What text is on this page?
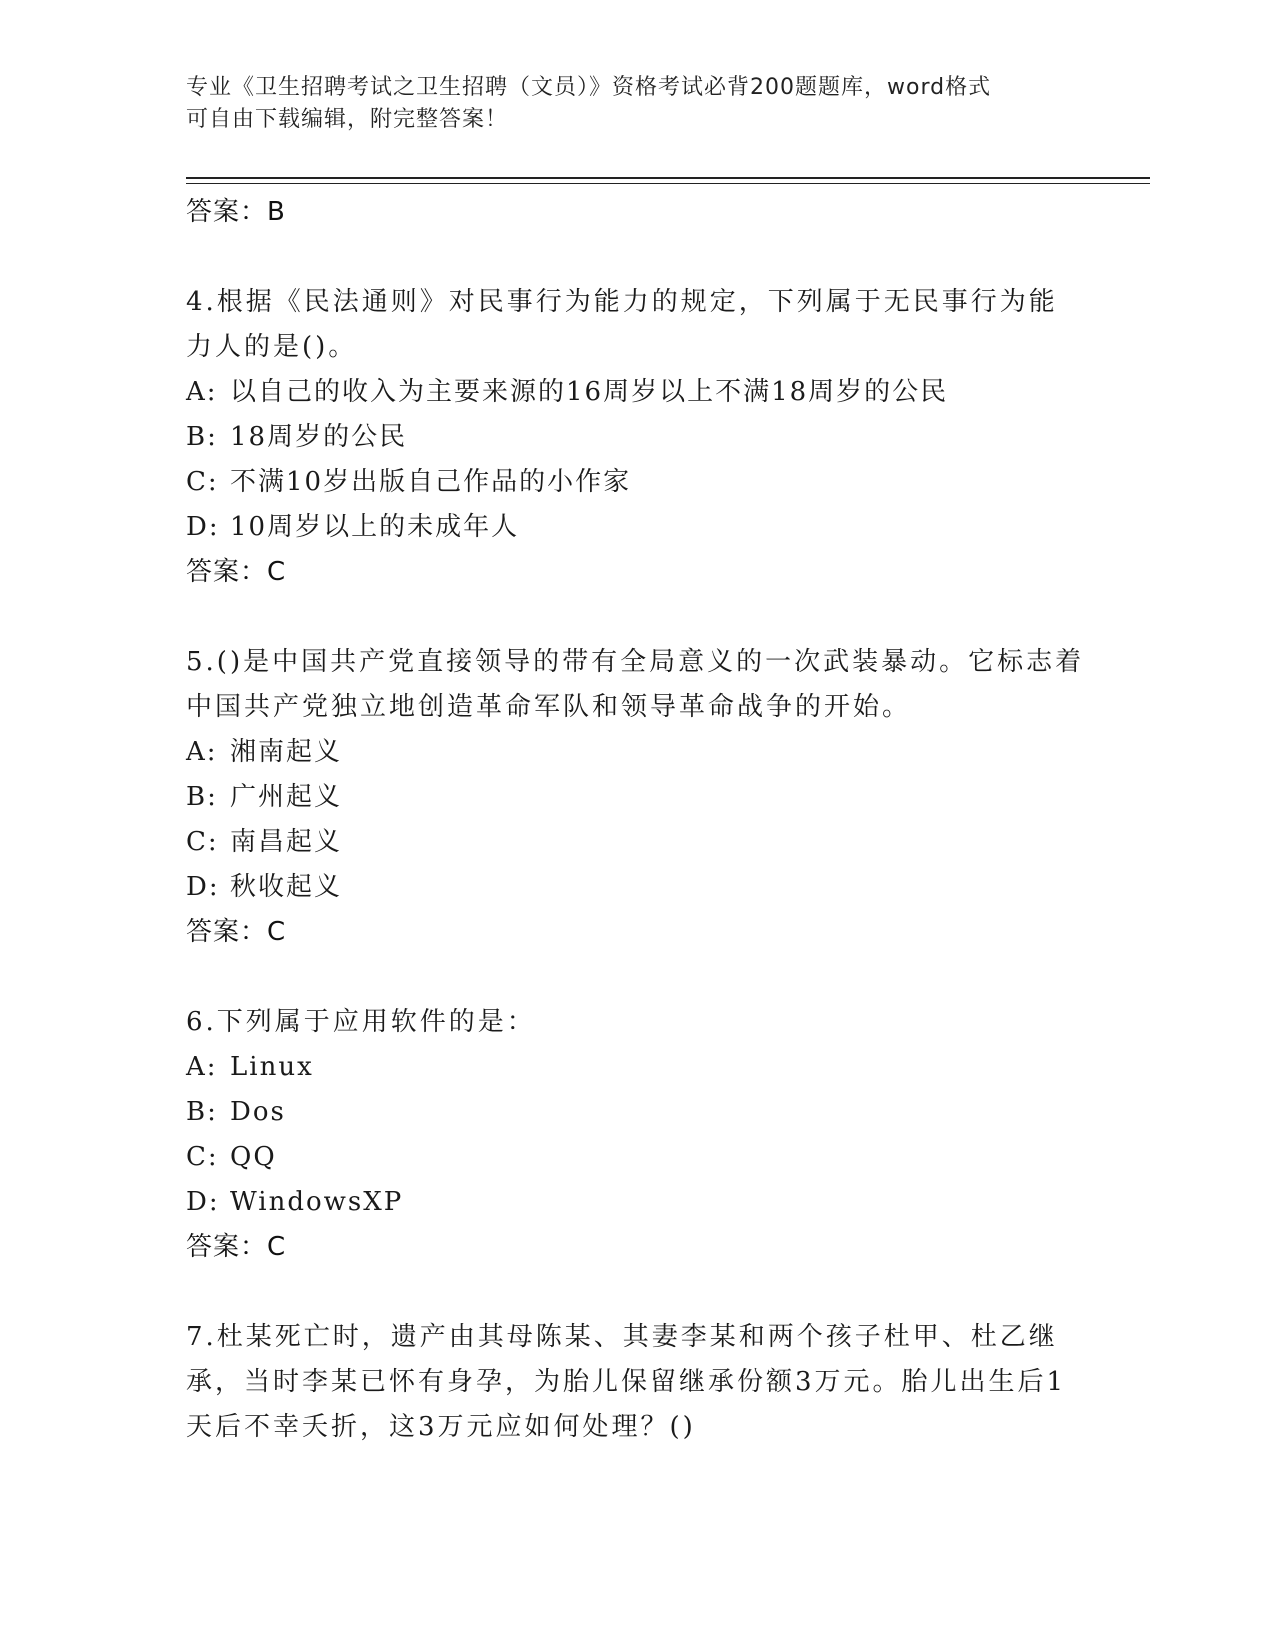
专业《卫生招聘考试之卫生招聘（文员）》资格考试必背200题题库，word格式
可自由下载编辑，附完整答案！
答案：B
4.根据《民法通则》对民事行为能力的规定，下列属于无民事行为能力人的是()。
A: 以自己的收入为主要来源的16周岁以上不满18周岁的公民
B: 18周岁的公民
C: 不满10岁出版自己作品的小作家
D: 10周岁以上的未成年人
答案：C
5.()是中国共产党直接领导的带有全局意义的一次武装暴动。它标志着中国共产党独立地创造革命军队和领导革命战争的开始。
A: 湘南起义
B: 广州起义
C: 南昌起义
D: 秋收起义
答案：C
6.下列属于应用软件的是：
A: Linux
B: Dos
C: QQ
D: WindowsXP
答案：C
7.杜某死亡时，遗产由其母陈某、其妻李某和两个孩子杜甲、杜乙继承，当时李某已怀有身孕，为胎儿保留继承份额3万元。胎儿出生后1天后不幸夭折，这3万元应如何处理？()
